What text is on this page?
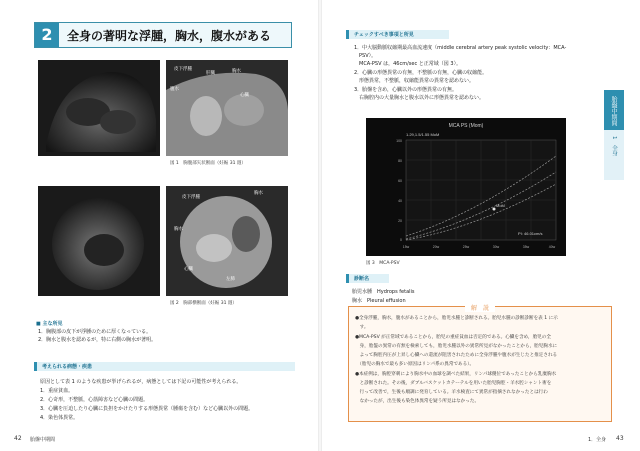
2	全身の著明な浮腫，胸水，腹水がある
皮下浮腫
肝臓	胸水
腹水
心臓
図 1　胸腹部矢状断面（妊娠 31 週）
皮下浮腫
胸水
胸水
心臓
左肺
図 2　胸部横断面（妊娠 31 週）
■ 主な所見
1．胸腹部の皮下が浮腫のために厚くなっている。
2．胸水と腹水を認めるが，特に右側の胸水が著明。
考えられる病態・疾患
原因として表 1 のような疾患が挙げられるが，病態としては下記の可能性が考えられる。
1．重症貧血。
2．心奇形，不整脈，心筋障害など心臓の問題。
3．心臓を圧迫したり心臓に負担をかけたりする形態異常（腫瘍を含む）など心臓以外の問題。
4．染色体異常。
42 胎盤中期間
チェックすべき事項と所見
1．中大脳動脈収縮期最高血流速度（middle cerebral artery peak systolic velocity：MCA-
　PSV）。
　MCA-PSV は，46cm/sec と正常域（図 3）。
2．心臓の形態異常の有無，不整脈の有無，心臓の収縮能。
　形態異常，不整脈，収縮能異常の異常を認めない。
3．胎盤を含め，心臓以外の形態異常の有無。
　右胸腔内の大量胸水と腹水以外に形態異常を認めない。	胎盤中期間
1　全身
MCA PS (Mom)
1.29,1.5/1.55 MoM
MoM
PI: 46.01cm/s
15w	20w	25w	30w	35w	40w
100
80
60
40
20
0
図 3　MCA-PSV
診断名
胎児水腫　Hydrops fetalis
胸水　Pleural effusion
解　説
●全身浮腫，胸水，腹水があることから，胎児水腫と診断される。胎児水腫の診断診断を表 1 に示
　す。
●MCA-PSV が正常域であることから，胎児の重症貧血は否定的である。心臓を含め，胎児の全
　身，胎盤の異常の有無を検索しても，胎児水腫以外の異常所見がなかったことから，胎児胸水に
　よって胸腔内圧が上昇し心臓への還流が阻害されたために全身浮腫や腹水が生じたと推定される
　（胎児の胸水で最も多い原因はリンパ系の異常である）。
●本症例は，胸腔穿刺により胸水中の血球を調べた結果，リンパ球優位であったことから乳糜胸水
　と診断された。その後，ダブルバスケットカテーテルを用いた胎児胸腔・羊水腔シャント術を
　行って改善で，生後も順調に発育している。羊水検査にて異常が指摘されなかったとは行わ
　なかったが，出生後も染色体異常を疑う所見はなかった。
1．全身 43
